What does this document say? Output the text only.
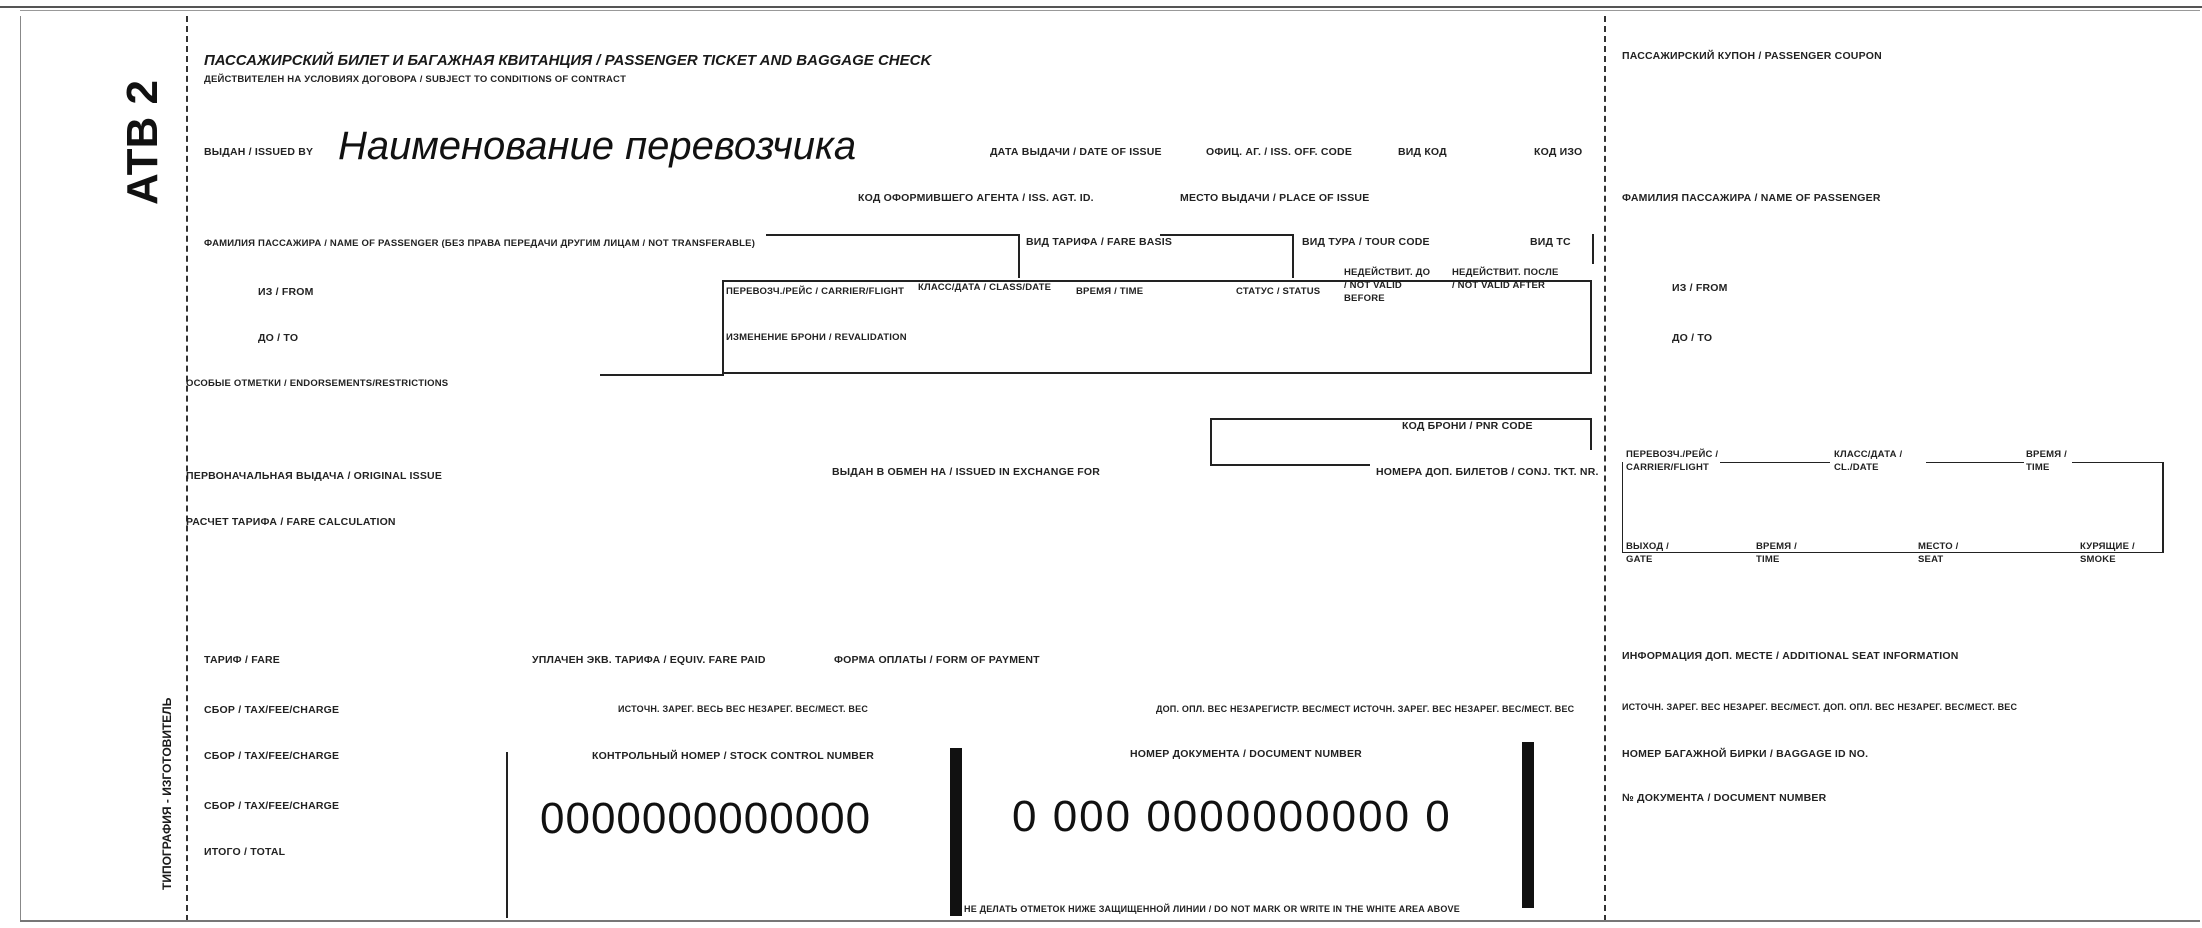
АТВ 2
ТИПОГРАФИЯ - ИЗГОТОВИТЕЛЬ
ПАССАЖИРСКИЙ БИЛЕТ И БАГАЖНАЯ КВИТАНЦИЯ / PASSENGER TICKET AND BAGGAGE CHECK
ДЕЙСТВИТЕЛЕН НА УСЛОВИЯХ ДОГОВОРА / SUBJECT TO CONDITIONS OF CONTRACT
ВЫДАН / ISSUED BY Наименование перевозчика	ДАТА ВЫДАЧИ / DATE OF ISSUE	ОФИЦ. АГ. / ISS. OFF. CODE	ВИД КОД	КОД ИЗО
КОД ОФОРМИВШЕГО АГЕНТА / ISS. AGT. ID.	МЕСТО ВЫДАЧИ / PLACE OF ISSUE
ФАМИЛИЯ ПАССАЖИРА / NAME OF PASSENGER (БЕЗ ПРАВА ПЕРЕДАЧИ ДРУГИМ ЛИЦАМ / NOT TRANSFERABLE)	ВИД ТАРИФА / FARE BASIS	ВИД ТУРА / TOUR CODE	ВИД ТС
ИЗ / FROM
ДО / TO
ПЕРЕВОЗЧ./РЕЙС / CARRIER/FLIGHT КЛАСС/ДАТА / CLASS/DATE	ВРЕМЯ / TIME	СТАТУС / STATUS
НЕДЕЙСТВИТ. ДО / NOT VALID BEFORE
НЕДЕЙСТВИТ. ПОСЛЕ / NOT VALID AFTER
ИЗМЕНЕНИЕ БРОНИ / REVALIDATION
ОСОБЫЕ ОТМЕТКИ / ENDORSEMENTS/RESTRICTIONS
КОД БРОНИ / PNR CODE
НОМЕРА ДОП. БИЛЕТОВ / CONJ. TKT. NR.
ПЕРВОНАЧАЛЬНАЯ ВЫДАЧА / ORIGINAL ISSUE	ВЫДАН В ОБМЕН НА / ISSUED IN EXCHANGE FOR
РАСЧЕТ ТАРИФА / FARE CALCULATION
ТАРИФ / FARE	УПЛАЧЕН ЭКВ. ТАРИФА / EQUIV. FARE PAID	ФОРМА ОПЛАТЫ / FORM OF PAYMENT
СБОР / TAX/FEE/CHARGE	ИСТОЧН. ЗАРЕГ. ВЕСЬ ВЕС НЕЗАРЕГ. ВЕС/МЕСТ. ВЕС	ДОП. ОПЛ. ВЕС НЕЗАРЕГИСТР. ВЕС/МЕСТ ИСТОЧН. ЗАРЕГ. ВЕС НЕЗАРЕГ. ВЕС/МЕСТ. ВЕС
СБОР / TAX/FEE/CHARGE
СБОР / TAX/FEE/CHARGE
ИТОГО / TOTAL
КОНТРОЛЬНЫЙ НОМЕР / STOCK CONTROL NUMBER
0000000000000
НОМЕР ДОКУМЕНТА / DOCUMENT NUMBER
0 000 0000000000 0
НЕ ДЕЛАТЬ ОТМЕТОК НИЖЕ ЗАЩИЩЕННОЙ ЛИНИИ / DO NOT MARK OR WRITE IN THE WHITE AREA ABOVE
ПАССАЖИРСКИЙ КУПОН / PASSENGER COUPON
ФАМИЛИЯ ПАССАЖИРА / NAME OF PASSENGER
ИЗ / FROM
ДО / TO
ПЕРЕВОЗЧ./РЕЙС / CARRIER/FLIGHT
КЛАСС/ДАТА / CL./DATE
ВРЕМЯ / TIME
ВЫХОД / GATE
ВРЕМЯ / TIME
МЕСТО / SEAT
КУРЯЩИЕ / SMOKE
ИНФОРМАЦИЯ ДОП. МЕСТЕ / ADDITIONAL SEAT INFORMATION
ИСТОЧН. ЗАРЕГ. ВЕС НЕЗАРЕГ. ВЕС/МЕСТ. ДОП. ОПЛ. ВЕС НЕЗАРЕГ. ВЕС/МЕСТ. ВЕС
НОМЕР БАГАЖНОЙ БИРКИ / BAGGAGE ID NO.
№ ДОКУМЕНТА / DOCUMENT NUMBER
